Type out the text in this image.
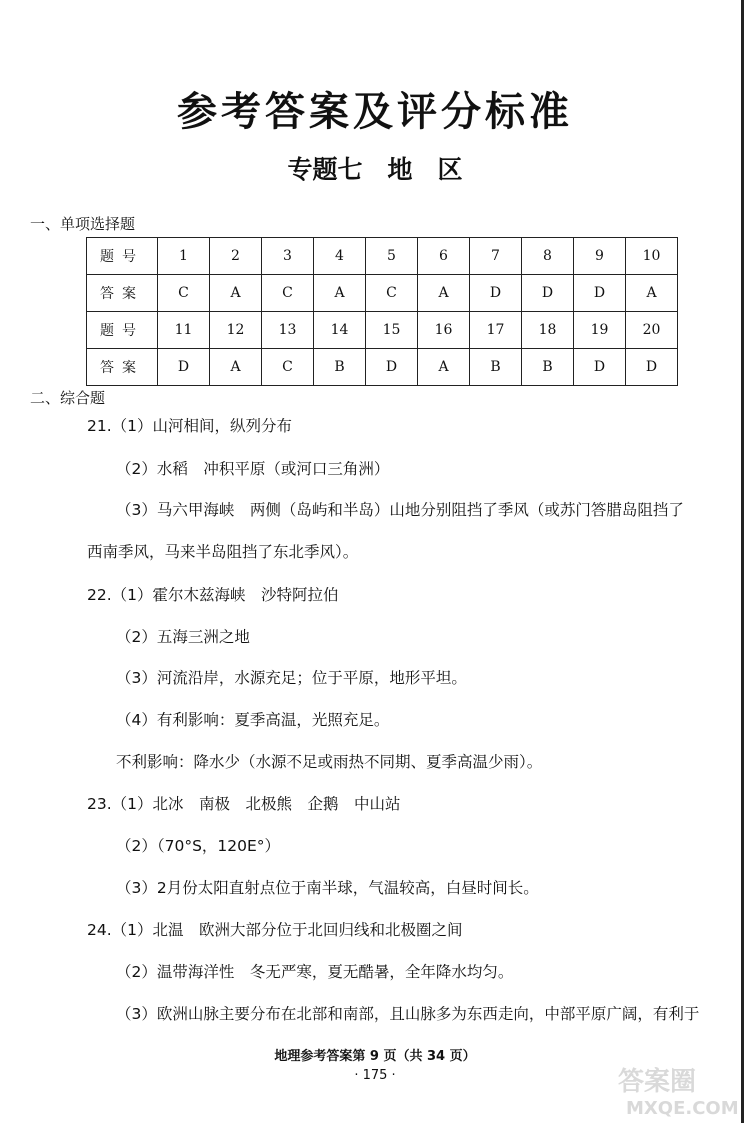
参考答案及评分标准
专题七　地　区
一、单项选择题
题号	1	2	3	4	5	6	7	8	9	10
答案	C	A	C	A	C	A	D	D	D	A
题号	11	12	13	14	15	16	17	18	19	20
答案	D	A	C	B	D	A	B	B	D	D
二、综合题
21.（1）山河相间，纵列分布
（2）水稻　冲积平原（或河口三角洲）
（3）马六甲海峡　两侧（岛屿和半岛）山地分别阻挡了季风（或苏门答腊岛阻挡了
西南季风，马来半岛阻挡了东北季风）。
22.（1）霍尔木兹海峡　沙特阿拉伯
（2）五海三洲之地
（3）河流沿岸，水源充足；位于平原，地形平坦。
（4）有利影响：夏季高温，光照充足。
不利影响：降水少（水源不足或雨热不同期、夏季高温少雨）。
23.（1）北冰　南极　北极熊　企鹅　中山站
（2）（70°S，120E°）
（3）2月份太阳直射点位于南半球，气温较高，白昼时间长。
24.（1）北温　欧洲大部分位于北回归线和北极圈之间
（2）温带海洋性　冬无严寒，夏无酷暑，全年降水均匀。
（3）欧洲山脉主要分布在北部和南部，且山脉多为东西走向，中部平原广阔，有利于
地理参考答案第 9 页（共 34 页）
· 175 ·	答案圈
MXQE.COM
